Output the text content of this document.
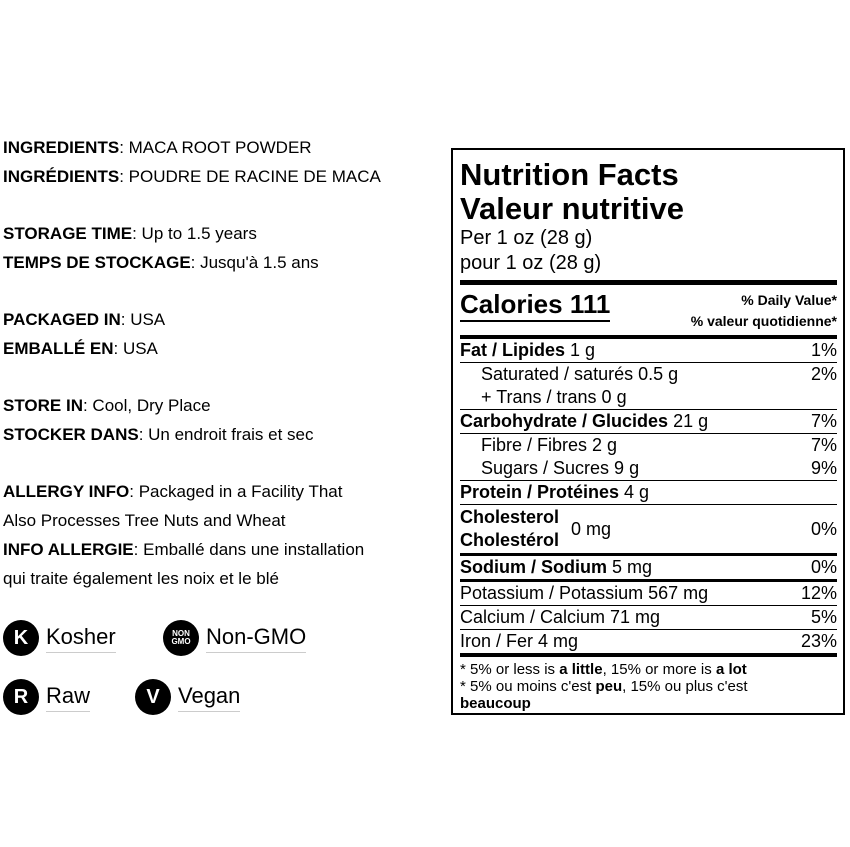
INGREDIENTS: MACA ROOT POWDER

INGRÉDIENTS: POUDRE DE RACINE DE MACA

STORAGE TIME: Up to 1.5 years

TEMPS DE STOCKAGE: Jusqu'à 1.5 ans

PACKAGED IN: USA

EMBALLÉ EN: USA

STORE IN: Cool, Dry Place

STOCKER DANS: Un endroit frais et sec

ALLERGY INFO: Packaged in a Facility That

Also Processes Tree Nuts and Wheat

INFO ALLERGIE: Emballé dans une installation

qui traite également les noix et le blé

K Kosher	NON
GMO Non-GMO
R Raw	V Vegan
Nutrition Facts
Valeur nutritive
Per 1 oz (28 g)
pour 1 oz (28 g)
Calories 111	% Daily Value*
% valeur quotidienne*
Fat / Lipides 1 g	1%
Saturated / saturés 0.5 g	2%
+ Trans / trans 0 g
Carbohydrate / Glucides 21 g	7%
Fibre / Fibres 2 g	7%
Sugars / Sucres 9 g	9%
Protein / Protéines 4 g
Cholesterol
Cholestérol
0 mg	0%
Sodium / Sodium 5 mg	0%
Potassium / Potassium 567 mg	12%
Calcium / Calcium 71 mg	5%
Iron / Fer 4 mg	23%
* 5% or less is a little, 15% or more is a lot
* 5% ou moins c'est peu, 15% ou plus c'est
beaucoup
